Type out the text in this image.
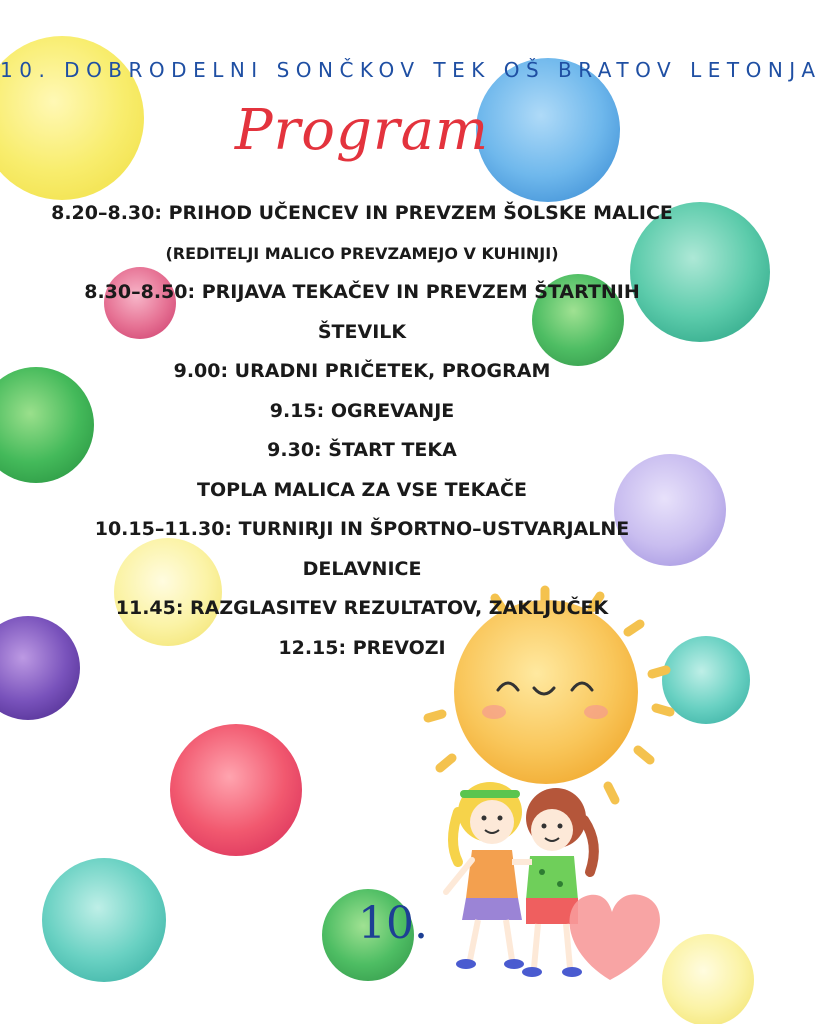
10. DOBRODELNI SONČKOV TEK OŠ BRATOV LETONJA
Program
8.20–8.30: PRIHOD UČENCEV IN PREVZEM ŠOLSKE MALICE
(REDITELJI MALICO PREVZAMEJO V KUHINJI)
8.30–8.50: PRIJAVA TEKAČEV IN PREVZEM ŠTARTNIH
ŠTEVILK
9.00: URADNI PRIČETEK, PROGRAM
9.15: OGREVANJE
9.30: ŠTART TEKA
TOPLA MALICA ZA VSE TEKAČE
10.15–11.30: TURNIRJI IN ŠPORTNO–USTVARJALNE
DELAVNICE
11.45: RAZGLASITEV REZULTATOV, ZAKLJUČEK
12.15: PREVOZI
10.
